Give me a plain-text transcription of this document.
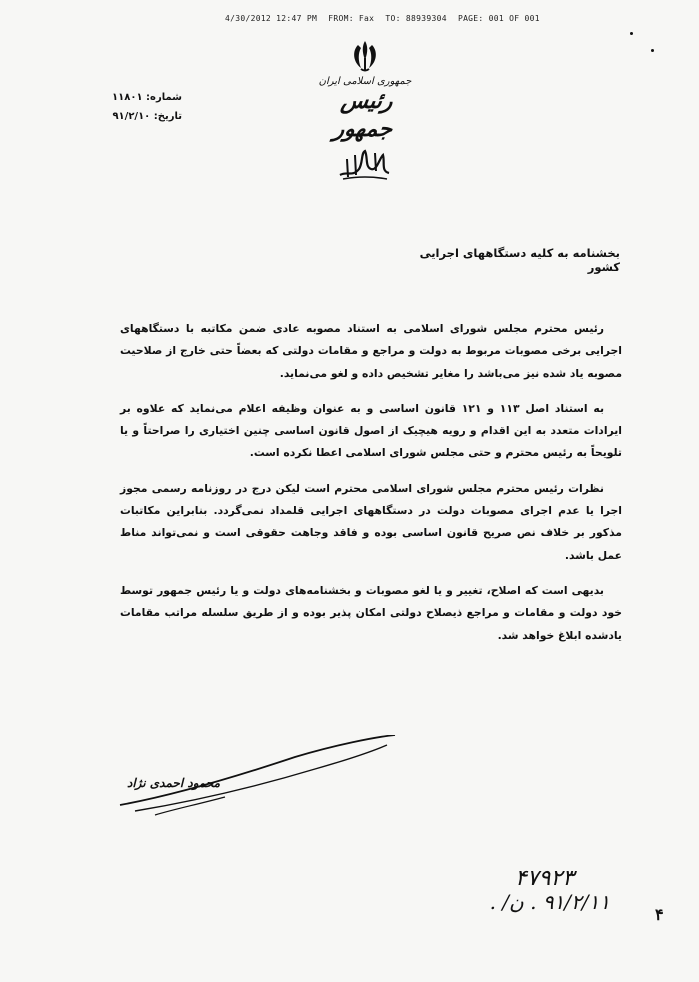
4/30/2012 12:47 PM FROM: Fax TO: 88939304 PAGE: 001 OF 001
جمهوری اسلامی ایران
رئیس جمهور
شماره: ۱۱۸۰۱
تاریخ: ۹۱/۲/۱۰
بخشنامه به کلیه دستگاههای اجرایی کشور

رئیس محترم مجلس شورای اسلامی به استناد مصوبه عادی ضمن مکاتبه با دستگاههای اجرایی برخی مصوبات مربوط به دولت و مراجع و مقامات دولتی که بعضاً حتی خارج از صلاحیت مصوبه یاد شده نیز می‌باشد را مغایر تشخیص داده و لغو می‌نماید.

به استناد اصل ۱۱۳ و ۱۲۱ قانون اساسی و به عنوان وظیفه اعلام می‌نماید که علاوه بر ایرادات متعدد به این اقدام و رویه هیچیک از اصول قانون اساسی چنین اختیاری را صراحتاً و یا تلویحاً به رئیس محترم و حتی مجلس شورای اسلامی اعطا نکرده است.

نظرات رئیس محترم مجلس شورای اسلامی محترم است لیکن درج در روزنامه رسمی مجوز اجرا یا عدم اجرای مصوبات دولت در دستگاههای اجرایی قلمداد نمی‌گردد. بنابراین مکاتبات مذکور بر خلاف نص صریح قانون اساسی بوده و فاقد وجاهت حقوقی است و نمی‌تواند مناط عمل باشد.

بدیهی است که اصلاح، تغییر و یا لغو مصوبات و بخشنامه‌های دولت و یا رئیس جمهور توسط خود دولت و مقامات و مراجع ذیصلاح دولتی امکان پذیر بوده و از طریق سلسله مراتب مقامات یادشده ابلاغ خواهد شد.

محمود احمدی نژاد
۴۷۹۲۳
۹۱/۲/۱۱ . ن/ .
۴
